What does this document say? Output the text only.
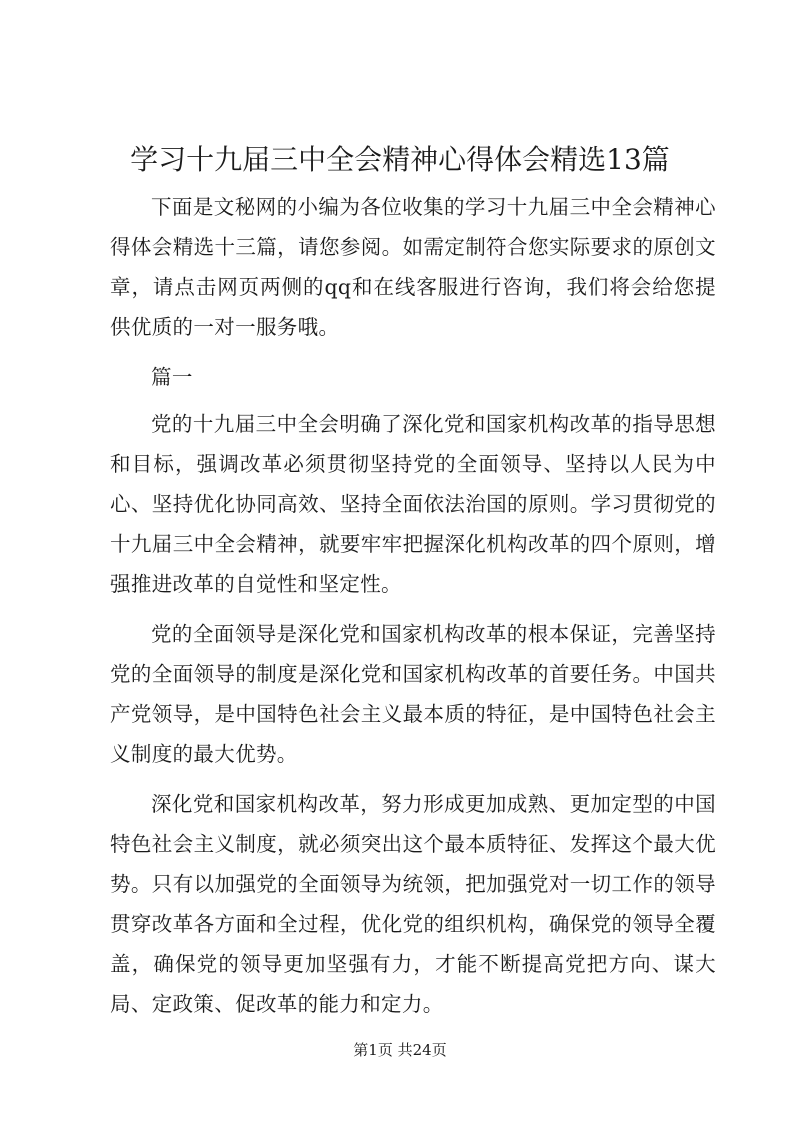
学习十九届三中全会精神心得体会精选13篇

下面是文秘网的小编为各位收集的学习十九届三中全会精神心得体会精选十三篇，请您参阅。如需定制符合您实际要求的原创文章，请点击网页两侧的qq和在线客服进行咨询，我们将会给您提供优质的一对一服务哦。

篇一

党的十九届三中全会明确了深化党和国家机构改革的指导思想和目标，强调改革必须贯彻坚持党的全面领导、坚持以人民为中心、坚持优化协同高效、坚持全面依法治国的原则。学习贯彻党的十九届三中全会精神，就要牢牢把握深化机构改革的四个原则，增强推进改革的自觉性和坚定性。

党的全面领导是深化党和国家机构改革的根本保证，完善坚持党的全面领导的制度是深化党和国家机构改革的首要任务。中国共产党领导，是中国特色社会主义最本质的特征，是中国特色社会主义制度的最大优势。

深化党和国家机构改革，努力形成更加成熟、更加定型的中国特色社会主义制度，就必须突出这个最本质特征、发挥这个最大优势。只有以加强党的全面领导为统领，把加强党对一切工作的领导贯穿改革各方面和全过程，优化党的组织机构，确保党的领导全覆盖，确保党的领导更加坚强有力，才能不断提高党把方向、谋大局、定政策、促改革的能力和定力。

第1页 共24页
